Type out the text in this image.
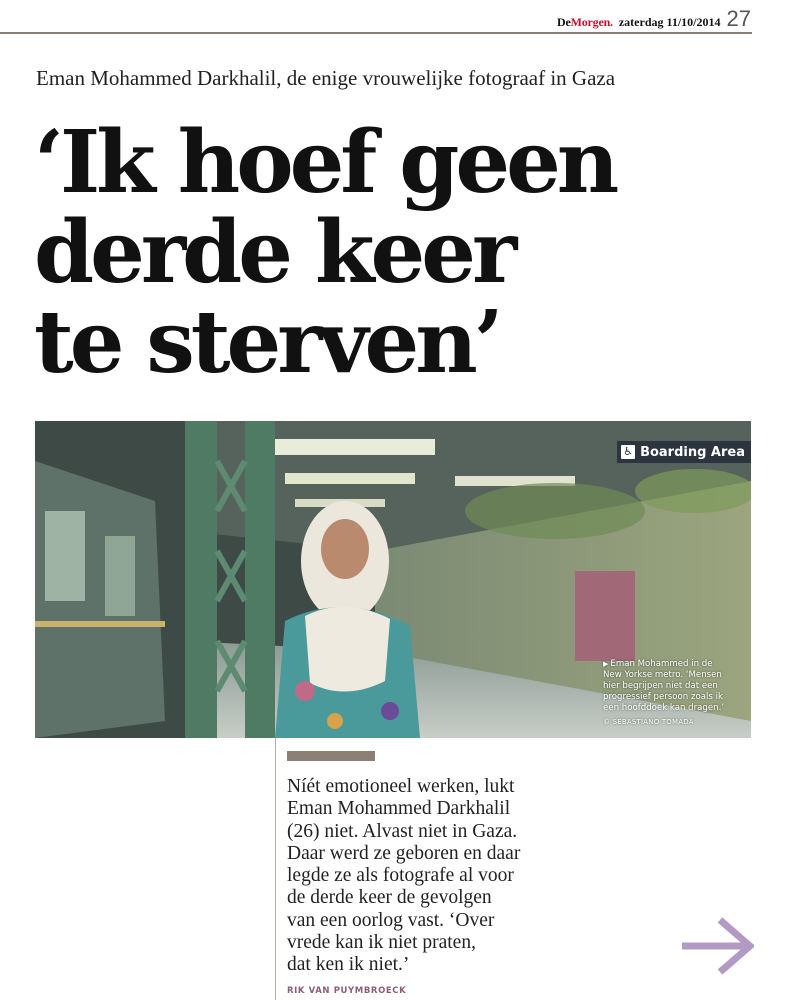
DeMorgen. zaterdag 11/10/2014 27
Eman Mohammed Darkhalil, de enige vrouwelijke fotograaf in Gaza
‘Ik hoef geen
derde keer
te sterven’
♿ Boarding Area
▶ Eman Mohammed in de
New Yorkse metro. ‘Mensen
hier begrijpen niet dat een
progressief persoon zoals ik
een hoofddoek kan dragen.’
© SEBASTIANO TOMADA

Níét emotioneel werken, lukt
Eman Mohammed Darkhalil
(26) niet. Alvast niet in Gaza.
Daar werd ze geboren en daar
legde ze als fotografe al voor
de derde keer de gevolgen
van een oorlog vast. ‘Over
vrede kan ik niet praten,
dat ken ik niet.’

RIK VAN PUYMBROECK
